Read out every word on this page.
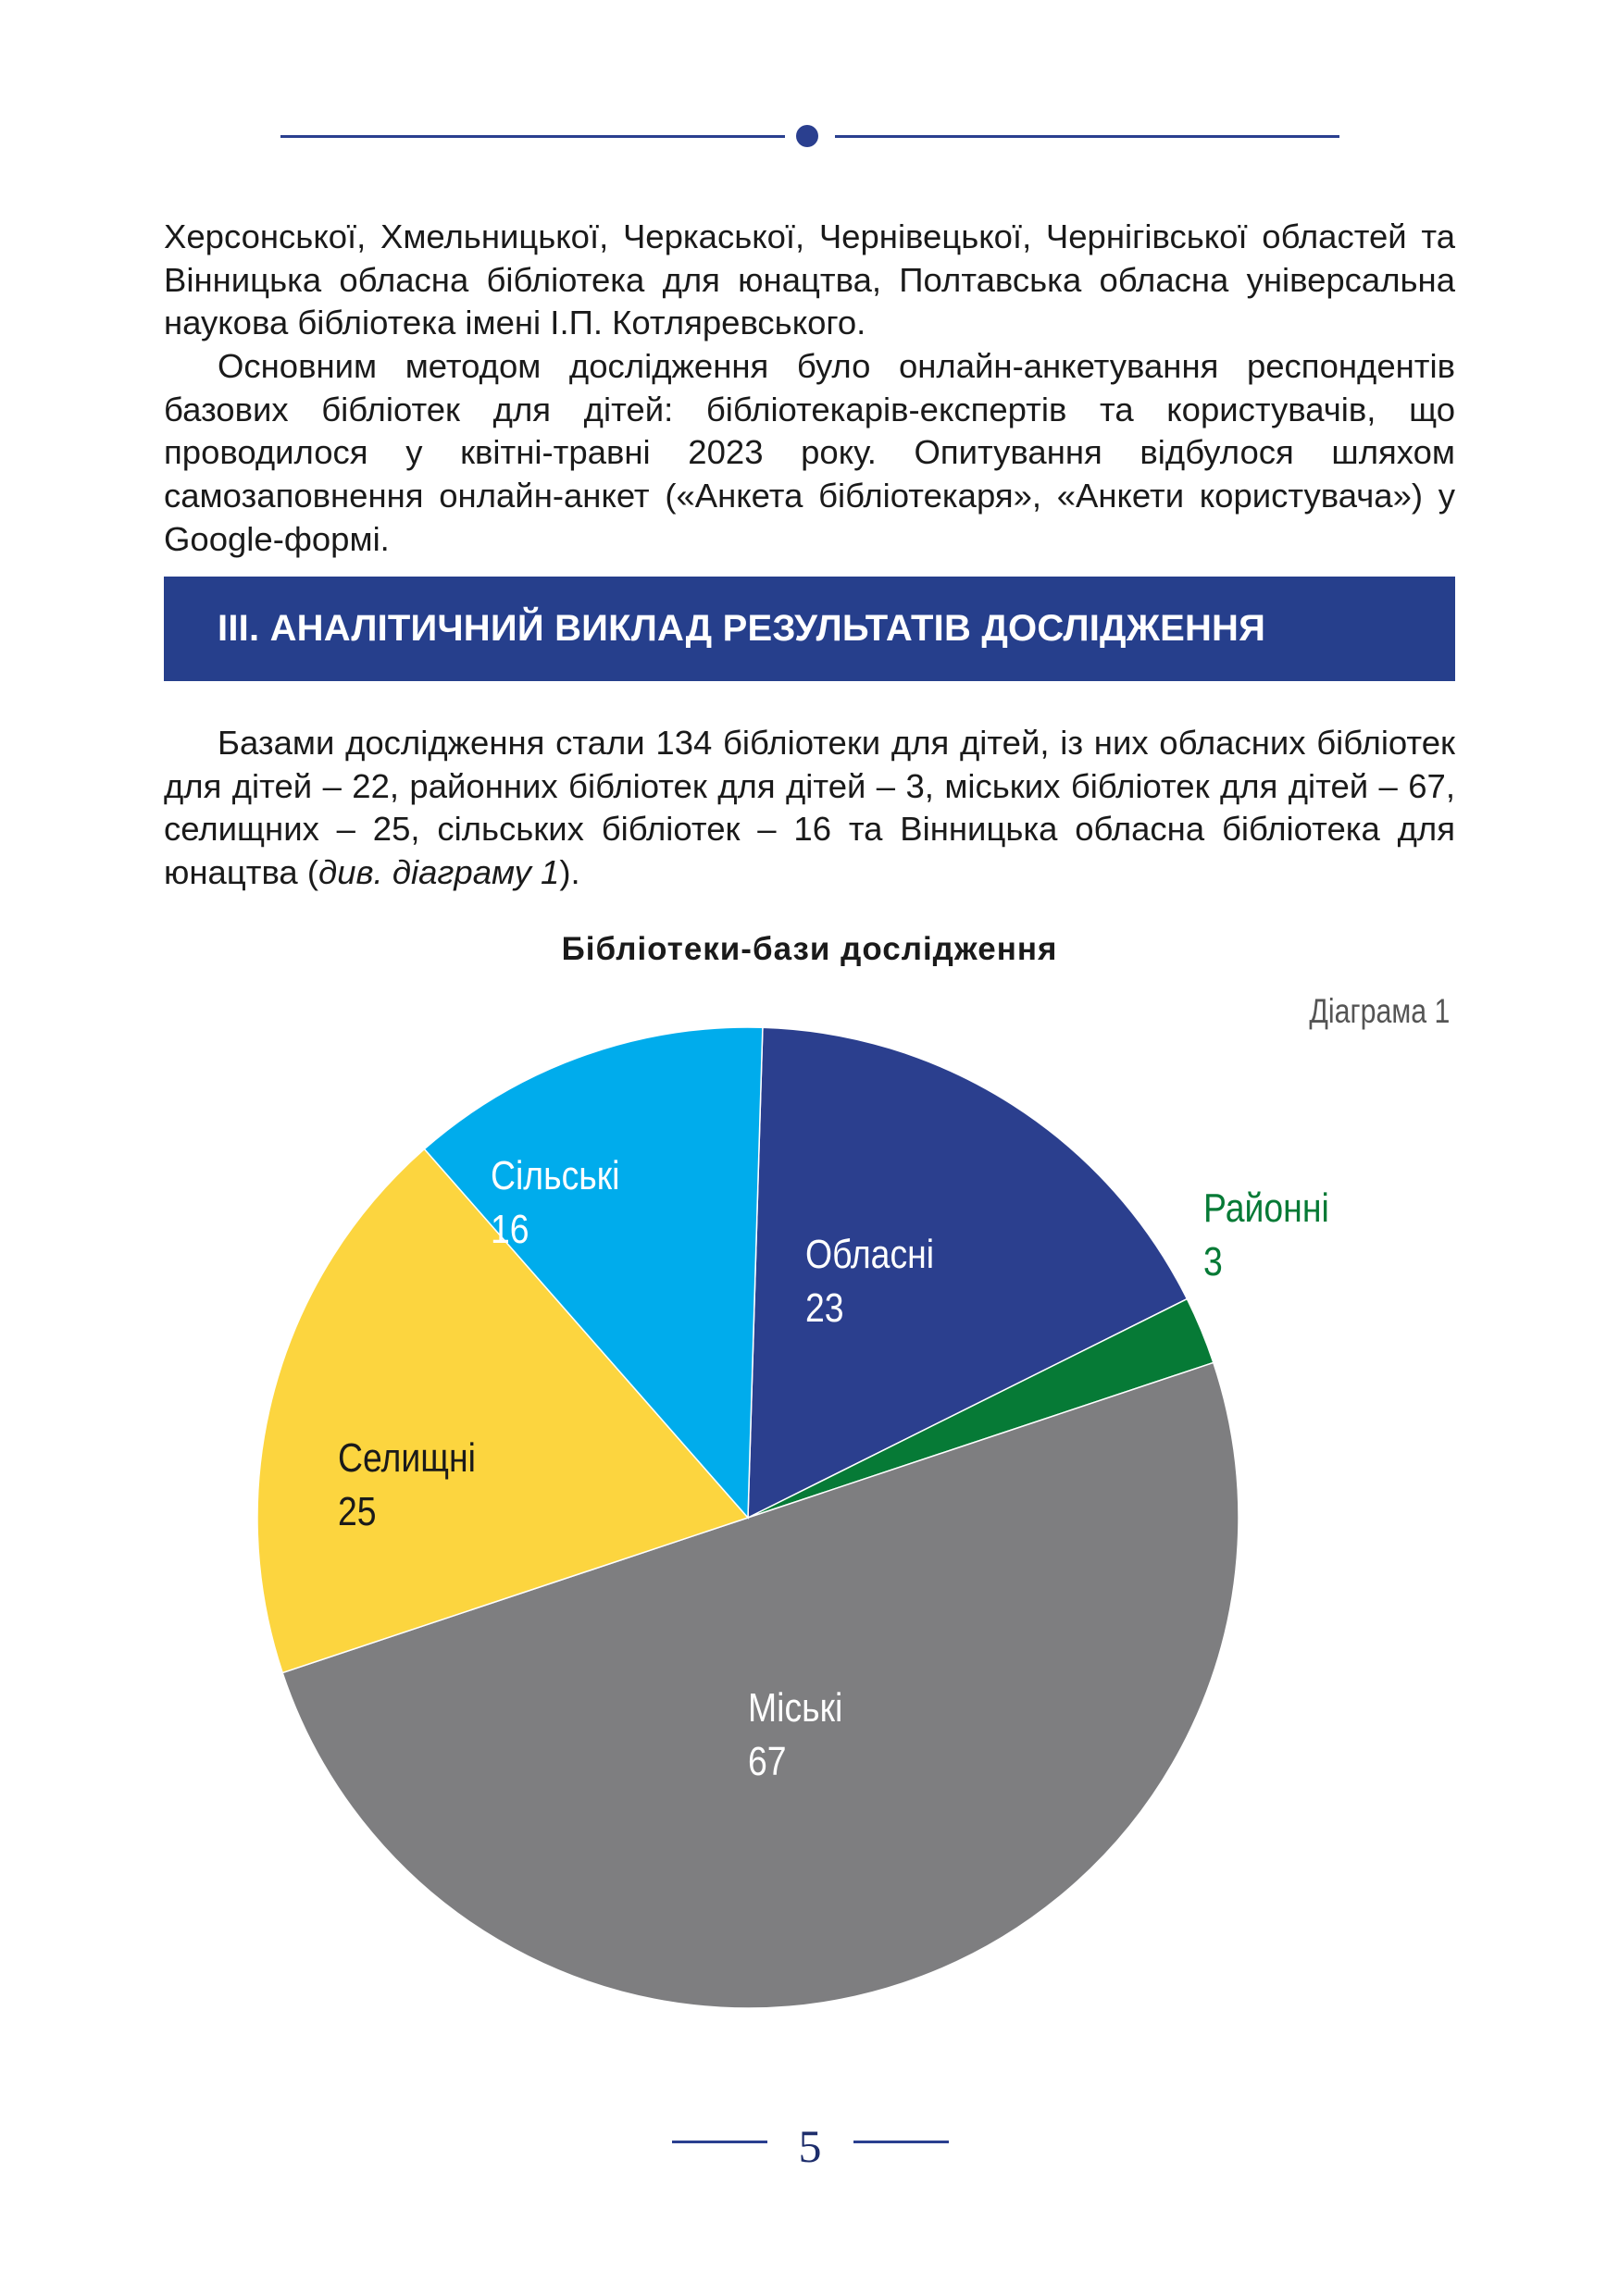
Херсонської, Хмельницької, Черкаської, Чернівецької, Чернігівської областей та Вінницька обласна бібліотека для юнацтва, Полтавська обласна універсальна наукова бібліотека імені І.П. Котляревського.

Основним методом дослідження було онлайн-анкетування респондентів базових бібліотек для дітей: бібліотекарів-експертів та користувачів, що проводилося у квітні-травні 2023 року. Опитування відбулося шляхом самозаповнення онлайн-анкет («Анкета бібліотекаря», «Анкети користувача») у Google-формі.

ІІІ. АНАЛІТИЧНИЙ ВИКЛАД РЕЗУЛЬТАТІВ ДОСЛІДЖЕННЯ

Базами дослідження стали 134 бібліотеки для дітей, із них обласних бібліотек для дітей – 22, районних бібліотек для дітей – 3, міських бібліотек для дітей – 67, селищних – 25, сільських бібліотек – 16 та Вінницька обласна бібліотека для юнацтва (див. діаграму 1).

Бібліотеки-бази дослідження
Діаграма 1
Обласні 23
Районні 3
Міські 67
Селищні 25
Сільські 16
5
